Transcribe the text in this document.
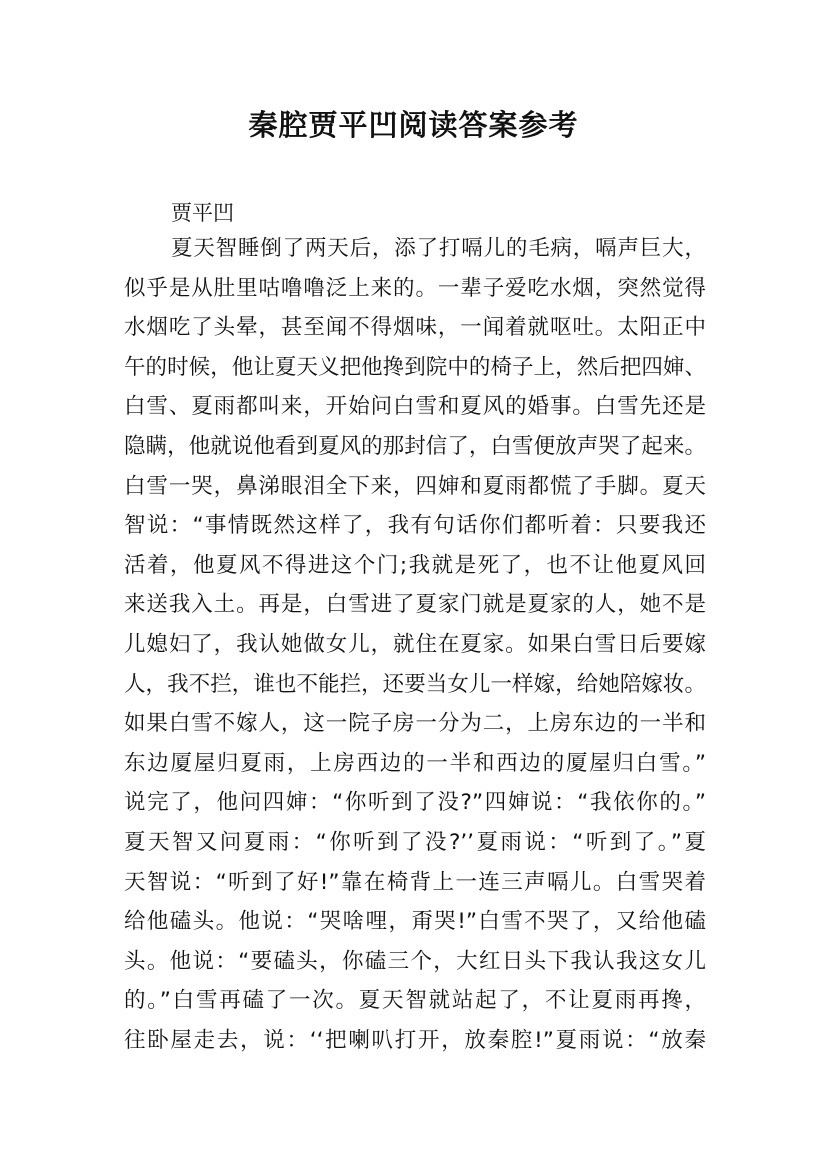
秦腔贾平凹阅读答案参考

贾平凹

夏天智睡倒了两天后，添了打嗝儿的毛病，嗝声巨大，
似乎是从肚里咕噜噜泛上来的。一辈子爱吃水烟，突然觉得
水烟吃了头晕，甚至闻不得烟味，一闻着就呕吐。太阳正中
午的时候，他让夏天义把他搀到院中的椅子上，然后把四婶、
白雪、夏雨都叫来，开始问白雪和夏风的婚事。白雪先还是
隐瞒，他就说他看到夏风的那封信了，白雪便放声哭了起来。
白雪一哭，鼻涕眼泪全下来，四婶和夏雨都慌了手脚。夏天
智说：“事情既然这样了，我有句话你们都听着：只要我还
活着，他夏风不得进这个门;我就是死了，也不让他夏风回
来送我入土。再是，白雪进了夏家门就是夏家的人，她不是
儿媳妇了，我认她做女儿，就住在夏家。如果白雪日后要嫁
人，我不拦，谁也不能拦，还要当女儿一样嫁，给她陪嫁妆。
如果白雪不嫁人，这一院子房一分为二，上房东边的一半和
东边厦屋归夏雨，上房西边的一半和西边的厦屋归白雪。”
说完了，他问四婶：“你听到了没?”四婶说：“我依你的。”
夏天智又问夏雨：“你听到了没?’’夏雨说：“听到了。”夏
天智说：“听到了好!”靠在椅背上一连三声嗝儿。白雪哭着
给他磕头。他说：“哭啥哩，甭哭!”白雪不哭了，又给他磕
头。他说：“要磕头，你磕三个，大红日头下我认我这女儿
的。”白雪再磕了一次。夏天智就站起了，不让夏雨再搀，
往卧屋走去，说：‘‘把喇叭打开，放秦腔!”夏雨说：“放秦
